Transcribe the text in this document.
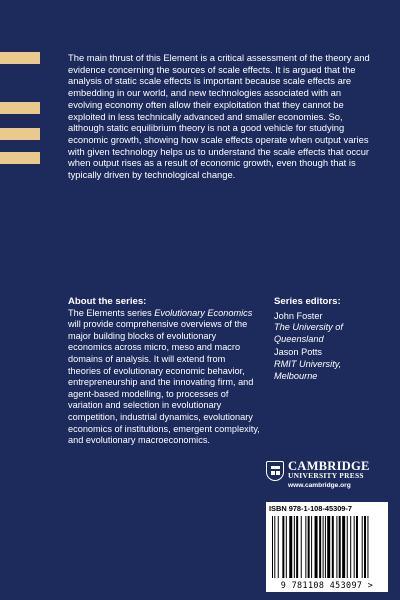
The main thrust of this Element is a critical assessment of the theory and evidence concerning the sources of scale effects. It is argued that the analysis of static scale effects is important because scale effects are embedding in our world, and new technologies associated with an evolving economy often allow their exploitation that they cannot be exploited in less technically advanced and smaller economies. So, although static equilibrium theory is not a good vehicle for studying economic growth, showing how scale effects operate when output varies with given technology helps us to understand the scale effects that occur when output rises as a result of economic growth, even though that is typically driven by technological change.
About the series:
The Elements series Evolutionary Economics will provide comprehensive overviews of the major building blocks of evolutionary economics across micro, meso and macro domains of analysis. It will extend from theories of evolutionary economic behavior, entrepreneurship and the innovating firm, and agent-based modelling, to processes of variation and selection in evolutionary competition, industrial dynamics, evolutionary economics of institutions, emergent complexity, and evolutionary macroeconomics.
Series editors:
John Foster
The University of Queensland
Jason Potts
RMIT University, Melbourne
CAMBRIDGE
UNIVERSITY PRESS
www.cambridge.org
ISBN 978-1-108-45309-7
9 781108 453097 >
